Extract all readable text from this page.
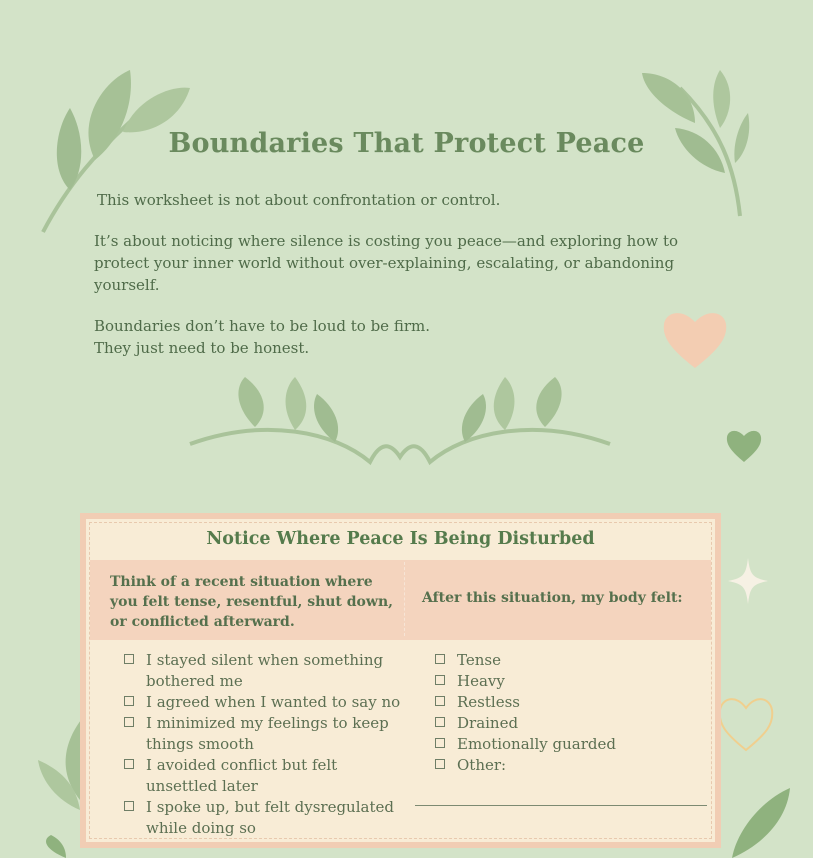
Boundaries That Protect Peace
This worksheet is not about confrontation or control.
It’s about noticing where silence is costing you peace—and exploring how to protect your inner world without over-explaining, escalating, or abandoning yourself.
Boundaries don’t have to be loud to be firm.
They just need to be honest.
Notice Where Peace Is Being Disturbed
Think of a recent situation where you felt tense, resentful, shut down, or conflicted afterward.
After this situation, my body felt:
I stayed silent when something bothered me
I agreed when I wanted to say no
I minimized my feelings to keep things smooth
I avoided conflict but felt unsettled later
I spoke up, but felt dysregulated while doing so
Tense
Heavy
Restless
Drained
Emotionally guarded
Other:
